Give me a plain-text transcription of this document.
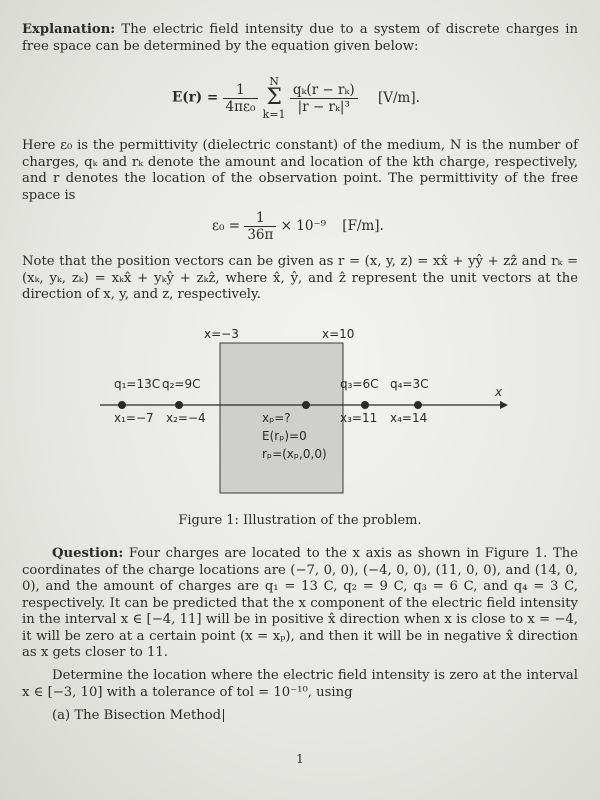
Explanation: The electric field intensity due to a system of discrete charges in free space can be determined by the equation given below:
$E(r) = \frac{1}{\text{4πε₀}}$ N
Σ
$k=1 \frac{\text{qₖ(r − rₖ)}}{\text{|r − rₖ|³}} [V/m]$.
Here ε₀ is the permittivity (dielectric constant) of the medium, N is the number of charges, qₖ and rₖ denote the amount and location of the kth charge, respectively, and r denotes the location of the observation point. The permittivity of the free space is
$\varepsilon_0 = \frac{1}{36\pi} \times 10^{-9}$ [F/m].
Note that the position vectors can be given as r = (x, y, z) = xx̂ + yŷ + zẑ and rₖ = (xₖ, yₖ, zₖ) = xₖx̂ + yₖŷ + zₖẑ, where x̂, ŷ, and ẑ represent the unit vectors at the direction of x, y, and z, respectively.
x=−3	x=10
x
q₁=13C q₂=9C	q₃=6C q₄=3C
x₁=−7 x₂=−4	x₃=11 x₄=14
xₚ=?
E(rₚ)=0
rₚ=(xₚ,0,0)
Figure 1: Illustration of the problem.
Question: Four charges are located to the x axis as shown in Figure 1. The coordinates of the charge locations are (−7, 0, 0), (−4, 0, 0), (11, 0, 0), and (14, 0, 0), and the amount of charges are q₁ = 13 C, q₂ = 9 C, q₃ = 6 C, and q₄ = 3 C, respectively. It can be predicted that the x component of the electric field intensity in the interval x ∈ [−4, 11] will be in positive x̂ direction when x is close to x = −4, it will be zero at a certain point (x = xₚ), and then it will be in negative x̂ direction as x gets closer to 11.
Determine the location where the electric field intensity is zero at the interval x ∈ [−3, 10] with a tolerance of tol = 10⁻¹⁰, using
(a) The Bisection Method
1
